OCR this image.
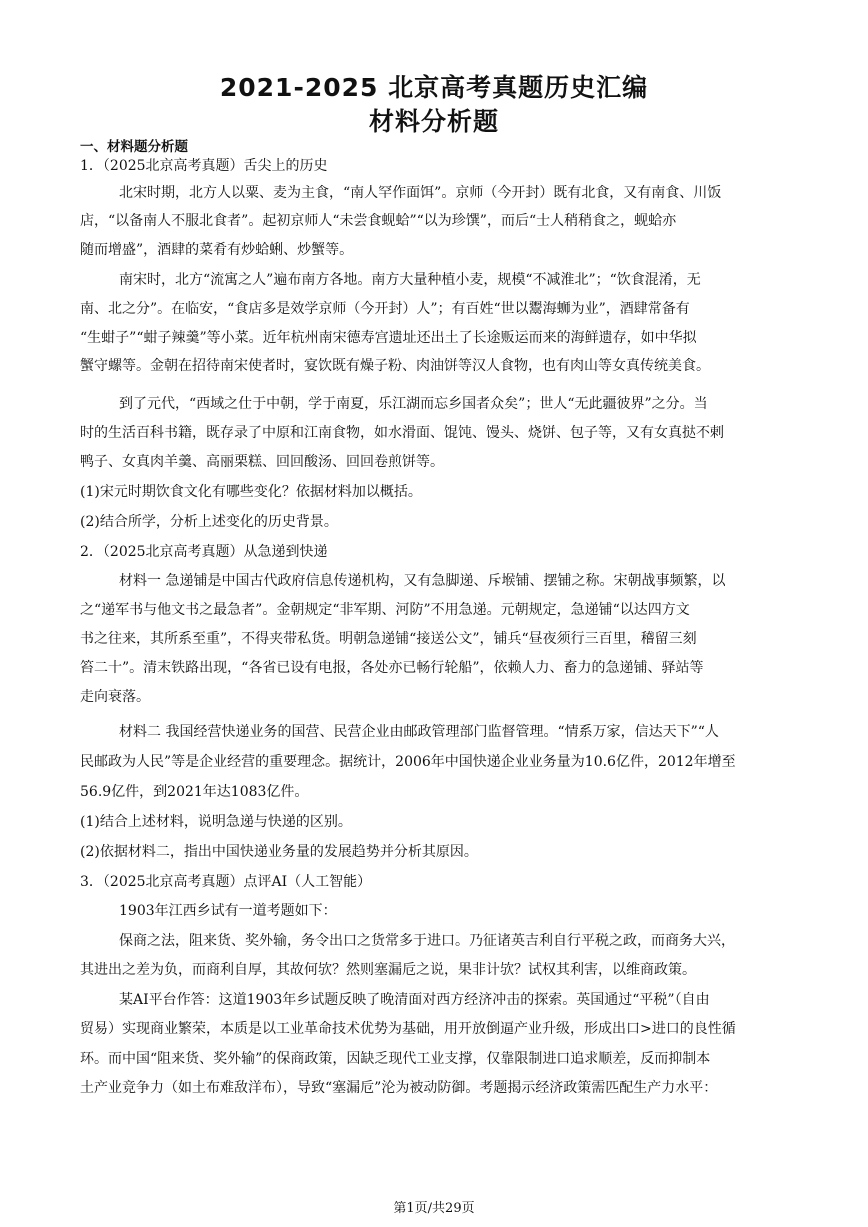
2021-2025 北京高考真题历史汇编
材料分析题
一、材料题分析题
1．（2025北京高考真题）舌尖上的历史
北宋时期，北方人以粟、麦为主食，“南人罕作面饵”。京师（今开封）既有北食，又有南食、川饭
店，“以备南人不服北食者”。起初京师人“未尝食蚬蛤”“以为珍馔”，而后“士人稍稍食之，蚬蛤亦
随而增盛”，酒肆的菜肴有炒蛤蜊、炒蟹等。
南宋时，北方“流寓之人”遍布南方各地。南方大量种植小麦，规模“不减淮北”；“饮食混淆，无
南、北之分”。在临安，“食店多是效学京师（今开封）人”；有百姓“世以鬻海蛳为业”，酒肆常备有
“生蚶子”“蚶子辣羹”等小菜。近年杭州南宋德寿宫遗址还出土了长途贩运而来的海鲜遗存，如中华拟
蟹守螺等。金朝在招待南宋使者时，宴饮既有燥子粉、肉油饼等汉人食物，也有肉山等女真传统美食。
到了元代，“西域之仕于中朝，学于南夏，乐江湖而忘乡国者众矣”；世人“无此疆彼界”之分。当
时的生活百科书籍，既存录了中原和江南食物，如水滑面、馄饨、馒头、烧饼、包子等，又有女真挞不剌
鸭子、女真肉羊羹、高丽栗糕、回回酸汤、回回卷煎饼等。
(1)宋元时期饮食文化有哪些变化？依据材料加以概括。
(2)结合所学，分析上述变化的历史背景。
2．（2025北京高考真题）从急递到快递
材料一 急递铺是中国古代政府信息传递机构，又有急脚递、斥堠铺、摆铺之称。宋朝战事频繁，以
之“递军书与他文书之最急者”。金朝规定“非军期、河防”不用急递。元朝规定，急递铺“以达四方文
书之往来，其所系至重”，不得夹带私货。明朝急递铺“接送公文”，铺兵“昼夜须行三百里，稽留三刻
笞二十”。清末铁路出现，“各省已设有电报，各处亦已畅行轮船”，依赖人力、畜力的急递铺、驿站等
走向衰落。
材料二 我国经营快递业务的国营、民营企业由邮政管理部门监督管理。“情系万家，信达天下”“人
民邮政为人民”等是企业经营的重要理念。据统计，2006年中国快递企业业务量为10.6亿件，2012年增至
56.9亿件，到2021年达1083亿件。
(1)结合上述材料，说明急递与快递的区别。
(2)依据材料二，指出中国快递业务量的发展趋势并分析其原因。
3．（2025北京高考真题）点评AI（人工智能）
1903年江西乡试有一道考题如下：
保商之法，阻来货、奖外输，务令出口之货常多于进口。乃征诸英吉利自行平税之政，而商务大兴，
其进出之差为负，而商利自厚，其故何欤？然则塞漏卮之说，果非计欤？试权其利害，以维商政策。
某AI平台作答：这道1903年乡试题反映了晚清面对西方经济冲击的探索。英国通过“平税”（自由
贸易）实现商业繁荣，本质是以工业革命技术优势为基础，用开放倒逼产业升级，形成出口>进口的良性循
环。而中国“阻来货、奖外输”的保商政策，因缺乏现代工业支撑，仅靠限制进口追求顺差，反而抑制本
土产业竞争力（如土布难敌洋布），导致“塞漏卮”沦为被动防御。考题揭示经济政策需匹配生产力水平：
第1页/共29页
